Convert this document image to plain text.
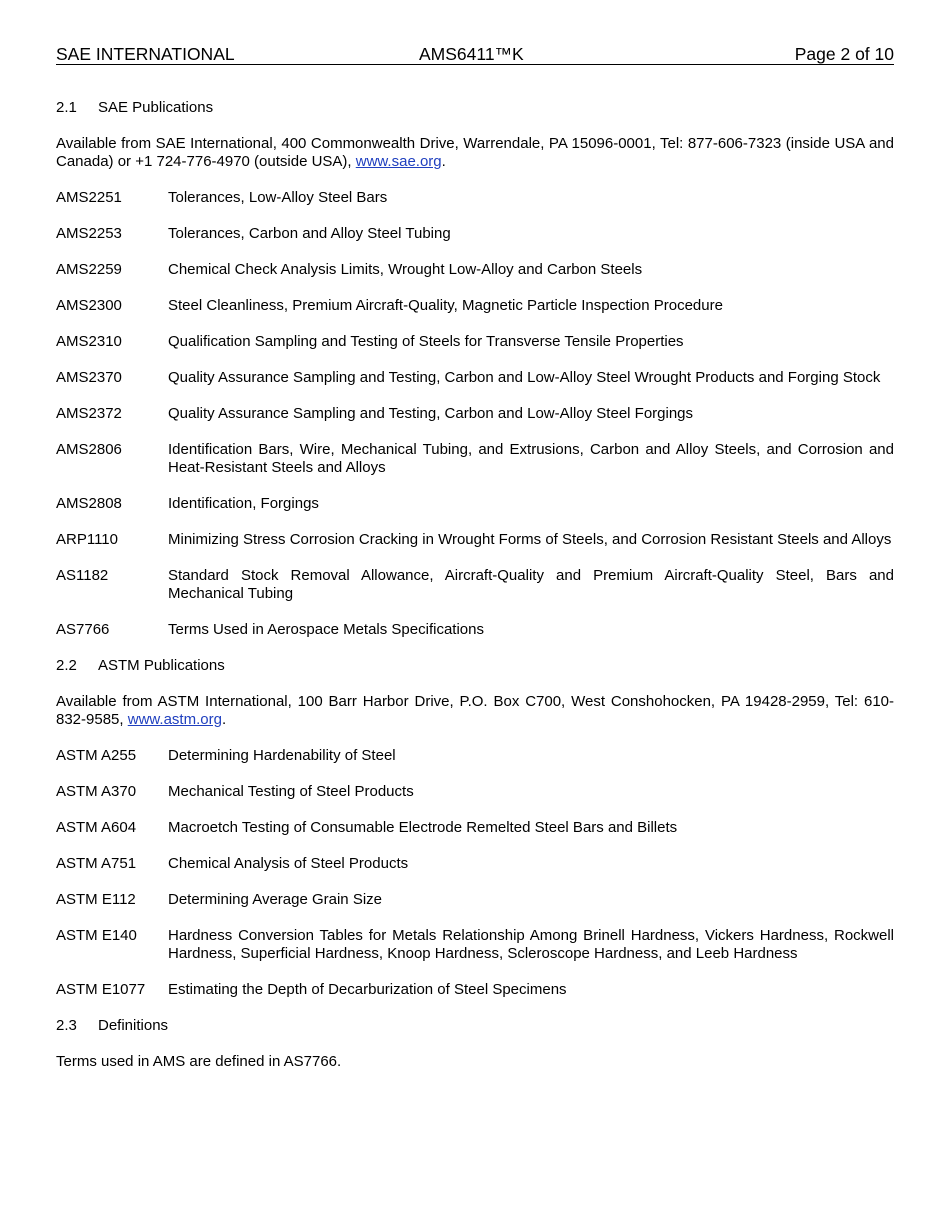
SAE INTERNATIONAL	AMS6411™K	Page 2 of 10
2.1	SAE Publications
Available from SAE International, 400 Commonwealth Drive, Warrendale, PA 15096-0001, Tel: 877-606-7323 (inside USA and Canada) or +1 724-776-4970 (outside USA), www.sae.org.
AMS2251	Tolerances, Low-Alloy Steel Bars
AMS2253	Tolerances, Carbon and Alloy Steel Tubing
AMS2259	Chemical Check Analysis Limits, Wrought Low-Alloy and Carbon Steels
AMS2300	Steel Cleanliness, Premium Aircraft-Quality, Magnetic Particle Inspection Procedure
AMS2310	Qualification Sampling and Testing of Steels for Transverse Tensile Properties
AMS2370	Quality Assurance Sampling and Testing, Carbon and Low-Alloy Steel Wrought Products and Forging Stock
AMS2372	Quality Assurance Sampling and Testing, Carbon and Low-Alloy Steel Forgings
AMS2806	Identification Bars, Wire, Mechanical Tubing, and Extrusions, Carbon and Alloy Steels, and Corrosion and Heat-Resistant Steels and Alloys
AMS2808	Identification, Forgings
ARP1110	Minimizing Stress Corrosion Cracking in Wrought Forms of Steels, and Corrosion Resistant Steels and Alloys
AS1182	Standard Stock Removal Allowance, Aircraft-Quality and Premium Aircraft-Quality Steel, Bars and Mechanical Tubing
AS7766	Terms Used in Aerospace Metals Specifications
2.2	ASTM Publications
Available from ASTM International, 100 Barr Harbor Drive, P.O. Box C700, West Conshohocken, PA 19428-2959, Tel: 610-832-9585, www.astm.org.
ASTM A255	Determining Hardenability of Steel
ASTM A370	Mechanical Testing of Steel Products
ASTM A604	Macroetch Testing of Consumable Electrode Remelted Steel Bars and Billets
ASTM A751	Chemical Analysis of Steel Products
ASTM E112	Determining Average Grain Size
ASTM E140	Hardness Conversion Tables for Metals Relationship Among Brinell Hardness, Vickers Hardness, Rockwell Hardness, Superficial Hardness, Knoop Hardness, Scleroscope Hardness, and Leeb Hardness
ASTM E1077	Estimating the Depth of Decarburization of Steel Specimens
2.3	Definitions
Terms used in AMS are defined in AS7766.
